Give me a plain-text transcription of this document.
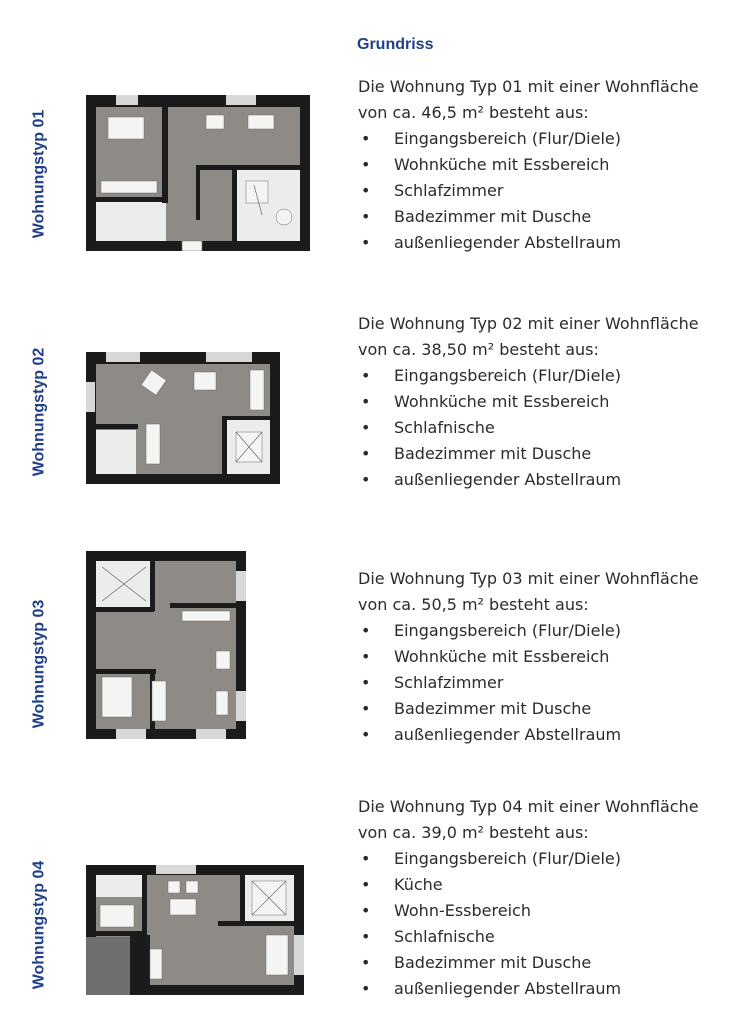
Grundriss
Wohnungstyp 01

Die Wohnung Typ 01 mit einer Wohnfläche von ca. 46,5 m² besteht aus:

• Eingangsbereich (Flur/Diele)
• Wohnküche mit Essbereich
• Schlafzimmer
• Badezimmer mit Dusche
• außenliegender Abstellraum
Wohnungstyp 02

Die Wohnung Typ 02 mit einer Wohnfläche von ca. 38,50 m² besteht aus:

• Eingangsbereich (Flur/Diele)
• Wohnküche mit Essbereich
• Schlafnische
• Badezimmer mit Dusche
• außenliegender Abstellraum
Wohnungstyp 03

Die Wohnung Typ 03 mit einer Wohnfläche von ca. 50,5 m² besteht aus:

• Eingangsbereich (Flur/Diele)
• Wohnküche mit Essbereich
• Schlafzimmer
• Badezimmer mit Dusche
• außenliegender Abstellraum
Wohnungstyp 04

Die Wohnung Typ 04 mit einer Wohnfläche von ca. 39,0 m² besteht aus:

• Eingangsbereich (Flur/Diele)
• Küche
• Wohn-Essbereich
• Schlafnische
• Badezimmer mit Dusche
• außenliegender Abstellraum
